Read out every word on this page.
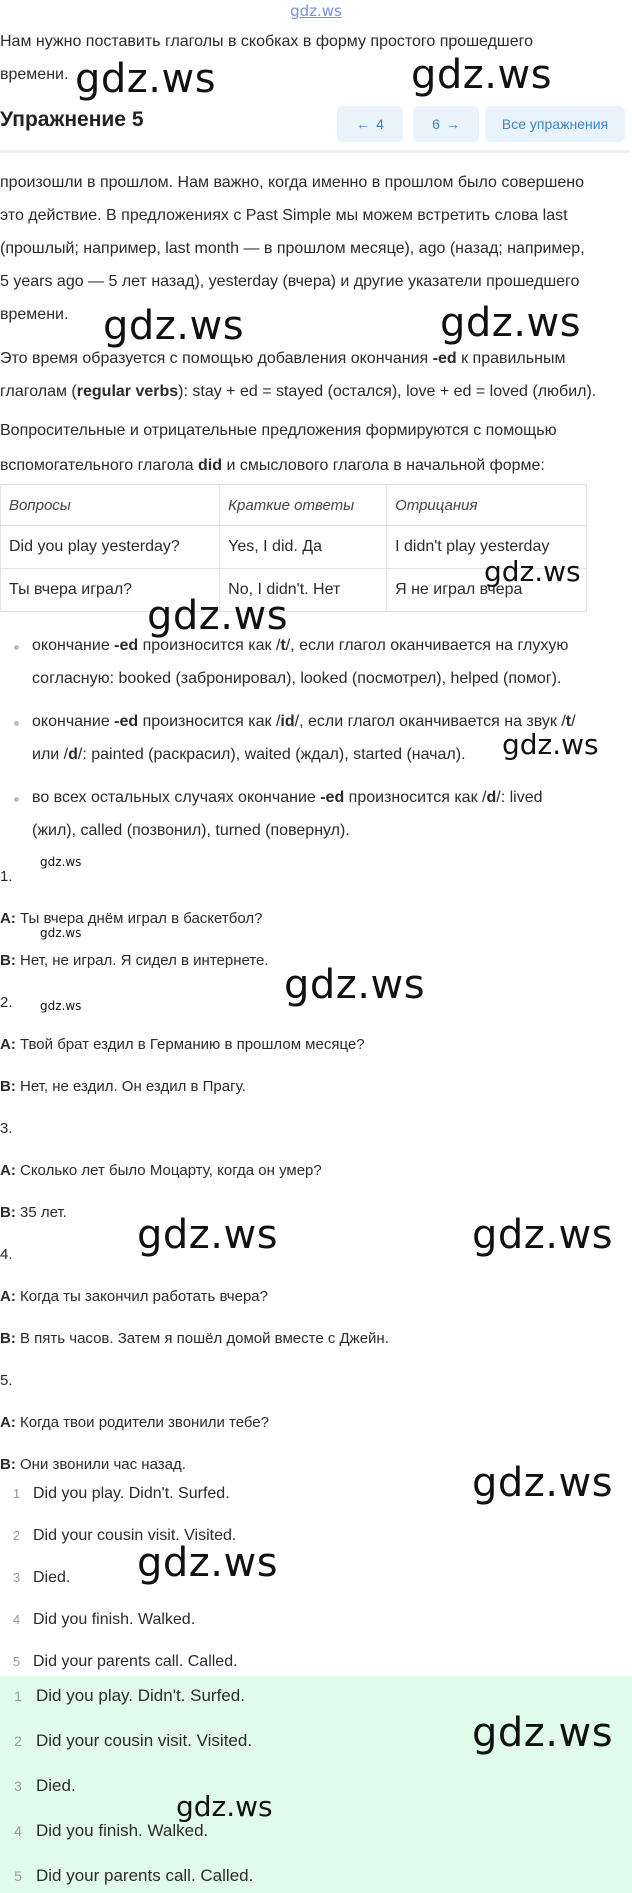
gdz.ws
Нам нужно поставить глаголы в скобках в форму простого прошедшего
времени. gdz.ws	gdz.ws
Упражнение 5	← 4	6 →	Все упражнения
произошли в прошлом. Нам важно, когда именно в прошлом было совершено
это действие. В предложениях с Past Simple мы можем встретить слова last
(прошлый; например, last month — в прошлом месяце), ago (назад; например,
5 years ago — 5 лет назад), yesterday (вчера) и другие указатели прошедшего
времени. gdz.ws	gdz.ws
Это время образуется с помощью добавления окончания -ed к правильным
глаголам (regular verbs): stay + ed = stayed (остался), love + ed = loved (любил).
Вопросительные и отрицательные предложения формируются с помощью
вспомогательного глагола did и смыслового глагола в начальной форме:
Вопросы	Краткие ответы	Отрицания
Did you play yesterday?	Yes, I did. Да	I didn't play yesterday
Ты вчера играл?	No, I didn't. Нет	Я не играл вчера
gdz.ws
gdz.ws
окончание -ed произносится как /t/, если глагол оканчивается на глухую
согласную: booked (забронировал), looked (посмотрел), helped (помог).
окончание -ed произносится как /id/, если глагол оканчивается на звук /t/
или /d/: painted (раскрасил), waited (ждал), started (начал).	gdz.ws
во всех остальных случаях окончание -ed произносится как /d/: lived
(жил), called (позвонил), turned (повернул).
gdz.ws
1.
A: Ты вчера днём играл в баскетбол?
gdz.ws
B: Нет, не играл. Я сидел в интернете.
2.	gdz.ws	gdz.ws
A: Твой брат ездил в Германию в прошлом месяце?
B: Нет, не ездил. Он ездил в Прагу.
3.
A: Сколько лет было Моцарту, когда он умер?
B: 35 лет.	gdz.ws	gdz.ws
4.
A: Когда ты закончил работать вчера?
B: В пять часов. Затем я пошёл домой вместе с Джейн.
5.
A: Когда твои родители звонили тебе?
B: Они звонили час назад.	gdz.ws
1 Did you play. Didn't. Surfed.
2 Did your cousin visit. Visited.
3 Died. gdz.ws
4 Did you finish. Walked.
5 Did your parents call. Called.
1 Did you play. Didn't. Surfed.
2 Did your cousin visit. Visited.	gdz.ws
3 Died.
gdz.ws
4 Did you finish. Walked.
5 Did your parents call. Called.
